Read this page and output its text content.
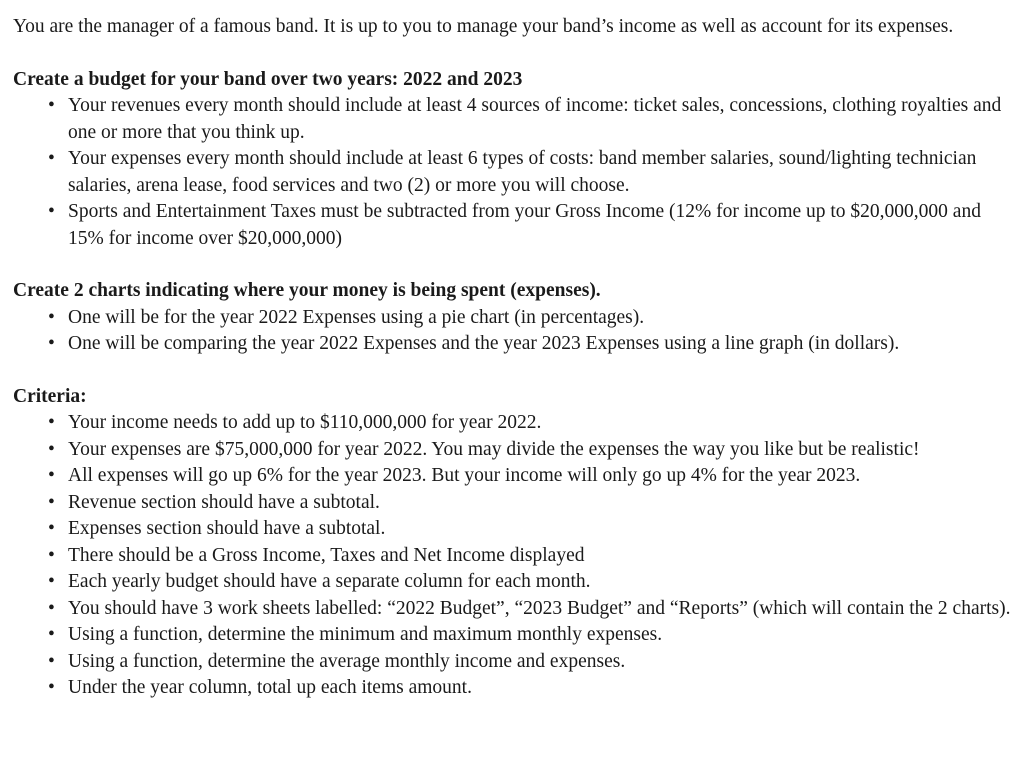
You are the manager of a famous band. It is up to you to manage your band’s income as well as account for its expenses.

Create a budget for your band over two years: 2022 and 2023
• Your revenues every month should include at least 4 sources of income: ticket sales, concessions, clothing royalties and one or more that you think up.
• Your expenses every month should include at least 6 types of costs: band member salaries, sound/lighting technician salaries, arena lease, food services and two (2) or more you will choose.
• Sports and Entertainment Taxes must be subtracted from your Gross Income (12% for income up to $20,000,000 and 15% for income over $20,000,000)
Create 2 charts indicating where your money is being spent (expenses).
• One will be for the year 2022 Expenses using a pie chart (in percentages).
• One will be comparing the year 2022 Expenses and the year 2023 Expenses using a line graph (in dollars).
Criteria:
• Your income needs to add up to $110,000,000 for year 2022.
• Your expenses are $75,000,000 for year 2022. You may divide the expenses the way you like but be realistic!
• All expenses will go up 6% for the year 2023. But your income will only go up 4% for the year 2023.
• Revenue section should have a subtotal.
• Expenses section should have a subtotal.
• There should be a Gross Income, Taxes and Net Income displayed
• Each yearly budget should have a separate column for each month.
• You should have 3 work sheets labelled: “2022 Budget”, “2023 Budget” and “Reports” (which will contain the 2 charts).
• Using a function, determine the minimum and maximum monthly expenses.
• Using a function, determine the average monthly income and expenses.
• Under the year column, total up each items amount.
